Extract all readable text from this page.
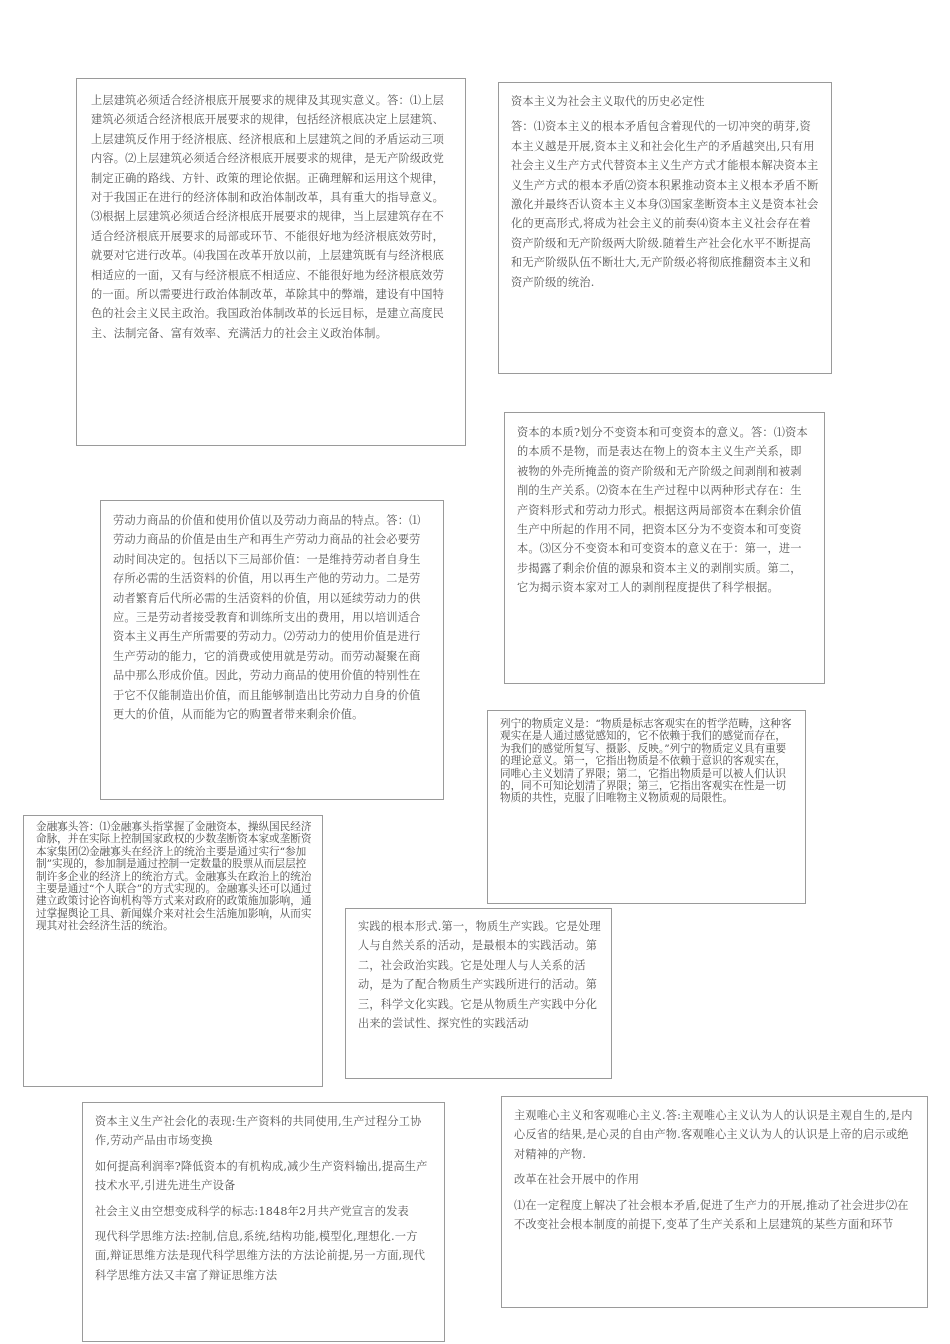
上层建筑必须适合经济根底开展要求的规律及其现实意义。答：⑴上层建筑必须适合经济根底开展要求的规律，包括经济根底决定上层建筑、上层建筑反作用于经济根底、经济根底和上层建筑之间的矛盾运动三项内容。⑵上层建筑必须适合经济根底开展要求的规律，是无产阶级政党制定正确的路线、方针、政策的理论依据。正确理解和运用这个规律，对于我国正在进行的经济体制和政治体制改革，具有重大的指导意义。⑶根据上层建筑必须适合经济根底开展要求的规律，当上层建筑存在不适合经济根底开展要求的局部或环节、不能很好地为经济根底效劳时，就要对它进行改革。⑷我国在改革开放以前，上层建筑既有与经济根底相适应的一面，又有与经济根底不相适应、不能很好地为经济根底效劳的一面。所以需要进行政治体制改革，革除其中的弊端，建设有中国特色的社会主义民主政治。我国政治体制改革的长远目标，是建立高度民主、法制完备、富有效率、充满活力的社会主义政治体制。

资本主义为社会主义取代的历史必定性

答：⑴资本主义的根本矛盾包含着现代的一切冲突的萌芽,资本主义越是开展,资本主义和社会化生产的矛盾越突出,只有用社会主义生产方式代替资本主义生产方式才能根本解决资本主义生产方式的根本矛盾⑵资本积累推动资本主义根本矛盾不断激化并最终否认资本主义本身⑶国家垄断资本主义是资本社会化的更高形式,将成为社会主义的前奏⑷资本主义社会存在着资产阶级和无产阶级两大阶级.随着生产社会化水平不断提高和无产阶级队伍不断壮大,无产阶级必将彻底推翻资本主义和资产阶级的统治.

资本的本质?划分不变资本和可变资本的意义。答：⑴资本的本质不是物，而是表达在物上的资本主义生产关系，即被物的外壳所掩盖的资产阶级和无产阶级之间剥削和被剥削的生产关系。⑵资本在生产过程中以两种形式存在：生产资料形式和劳动力形式。根据这两局部资本在剩余价值生产中所起的作用不同，把资本区分为不变资本和可变资本。⑶区分不变资本和可变资本的意义在于：第一，进一步揭露了剩余价值的源泉和资本主义的剥削实质。第二，它为揭示资本家对工人的剥削程度提供了科学根据。

劳动力商品的价值和使用价值以及劳动力商品的特点。答：⑴劳动力商品的价值是由生产和再生产劳动力商品的社会必要劳动时间决定的。包括以下三局部价值：一是维持劳动者自身生存所必需的生活资料的价值，用以再生产他的劳动力。二是劳动者繁育后代所必需的生活资料的价值，用以延续劳动力的供应。三是劳动者接受教育和训练所支出的费用，用以培训适合资本主义再生产所需要的劳动力。⑵劳动力的使用价值是进行生产劳动的能力，它的消费或使用就是劳动。而劳动凝聚在商品中那么形成价值。因此，劳动力商品的使用价值的特别性在于它不仅能制造出价值，而且能够制造出比劳动力自身的价值更大的价值，从而能为它的购置者带来剩余价值。

列宁的物质定义是：“物质是标志客观实在的哲学范畴，这种客观实在是人通过感觉感知的，它不依赖于我们的感觉而存在，为我们的感觉所复写、摄影、反映。”列宁的物质定义具有重要的理论意义。第一，它指出物质是不依赖于意识的客观实在，同唯心主义划清了界限；第二，它指出物质是可以被人们认识的，同不可知论划清了界限；第三，它指出客观实在性是一切物质的共性，克服了旧唯物主义物质观的局限性。

金融寡头答：⑴金融寡头指掌握了金融资本，操纵国民经济命脉，并在实际上控制国家政权的少数垄断资本家或垄断资本家集团⑵金融寡头在经济上的统治主要是通过实行“参加制”实现的，参加制是通过控制一定数量的股票从而层层控制许多企业的经济上的统治方式。金融寡头在政治上的统治主要是通过“个人联合”的方式实现的。金融寡头还可以通过建立政策讨论咨询机构等方式来对政府的政策施加影响，通过掌握舆论工具、新闻媒介来对社会生活施加影响，从而实现其对社会经济生活的统治。	实践的根本形式.第一，物质生产实践。它是处理人与自然关系的活动，是最根本的实践活动。第二，社会政治实践。它是处理人与人关系的活动，是为了配合物质生产实践所进行的活动。第三，科学文化实践。它是从物质生产实践中分化出来的尝试性、探究性的实践活动

资本主义生产社会化的表现:生产资料的共同使用,生产过程分工协作,劳动产品由市场变换

如何提高利润率?降低资本的有机构成,减少生产资料输出,提高生产技术水平,引进先进生产设备

社会主义由空想变成科学的标志:1848年2月共产党宣言的发表

现代科学思维方法:控制,信息,系统,结构功能,模型化,理想化.一方面,辩证思维方法是现代科学思维方法的方法论前提,另一方面,现代科学思维方法又丰富了辩证思维方法

主观唯心主义和客观唯心主义.答:主观唯心主义认为人的认识是主观自生的,是内心反省的结果,是心灵的自由产物.客观唯心主义认为人的认识是上帝的启示或绝对精神的产物.

改革在社会开展中的作用

⑴在一定程度上解决了社会根本矛盾,促进了生产力的开展,推动了社会进步⑵在不改变社会根本制度的前提下,变革了生产关系和上层建筑的某些方面和环节
